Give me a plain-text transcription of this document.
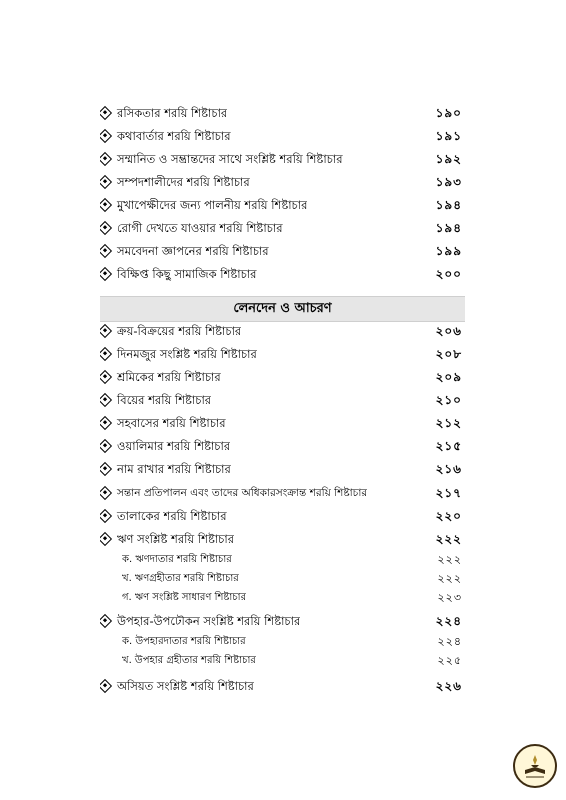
রসিকতার শরয়ি শিষ্টাচার	১৯০
কথাবার্তার শরয়ি শিষ্টাচার	১৯১
সম্মানিত ও সম্ভ্রান্তদের সাথে সংশ্লিষ্ট শরয়ি শিষ্টাচার	১৯২
সম্পদশালীদের শরয়ি শিষ্টাচার	১৯৩
মুখাপেক্ষীদের জন্য পালনীয় শরয়ি শিষ্টাচার	১৯৪
রোগী দেখতে যাওয়ার শরয়ি শিষ্টাচার	১৯৪
সমবেদনা জ্ঞাপনের শরয়ি শিষ্টাচার	১৯৯
বিক্ষিপ্ত কিছু সামাজিক শিষ্টাচার	২০০
লেনদেন ও আচরণ
ক্রয়-বিক্রয়ের শরয়ি শিষ্টাচার	২০৬
দিনমজুর সংশ্লিষ্ট শরয়ি শিষ্টাচার	২০৮
শ্রমিকের শরয়ি শিষ্টাচার	২০৯
বিয়ের শরয়ি শিষ্টাচার	২১০
সহবাসের শরয়ি শিষ্টাচার	২১২
ওয়ালিমার শরয়ি শিষ্টাচার	২১৫
নাম রাখার শরয়ি শিষ্টাচার	২১৬
সন্তান প্রতিপালন এবং তাদের অধিকারসংক্রান্ত শরয়ি শিষ্টাচার	২১৭
তালাকের শরয়ি শিষ্টাচার	২২০
ঋণ সংশ্লিষ্ট শরয়ি শিষ্টাচার	২২২
ক. ঋণদাতার শরয়ি শিষ্টাচার	২২২
খ. ঋণগ্রহীতার শরয়ি শিষ্টাচার	২২২
গ. ঋণ সংশ্লিষ্ট সাধারণ শিষ্টাচার	২২৩
উপহার-উপঢৌকন সংশ্লিষ্ট শরয়ি শিষ্টাচার	২২৪
ক. উপহারদাতার শরয়ি শিষ্টাচার	২২৪
খ. উপহার গ্রহীতার শরয়ি শিষ্টাচার	২২৫
অসিয়ত সংশ্লিষ্ট শরয়ি শিষ্টাচার	২২৬
